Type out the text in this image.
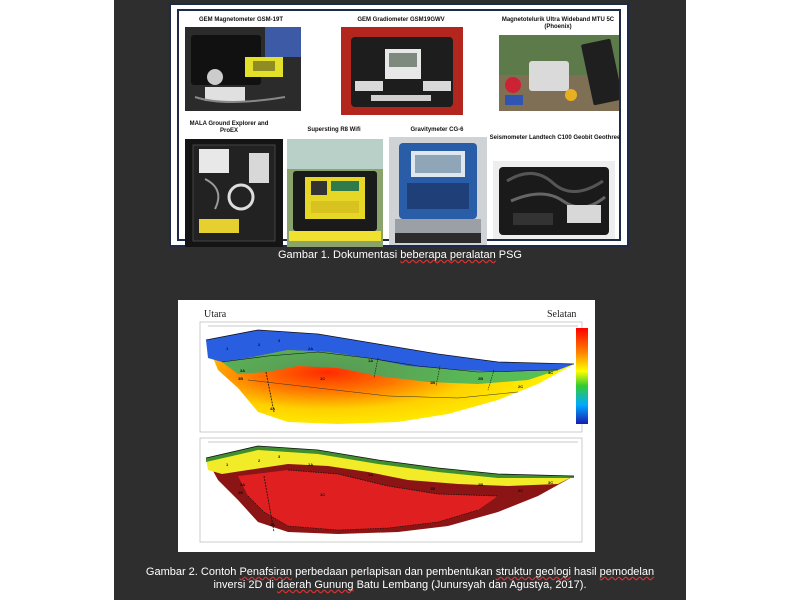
GEM Magnetometer GSM-19T	GEM Gradiometer GSM19GWV	Magnetotelurik Ultra Wideband MTU 5C (Phoenix)
MALA Ground Explorer and ProEX	Supersting R8 Wifi	Gravitymeter CG-6
Seismometer Landtech C100 Geobit Geothree
Gambar 1. Dokumentasi beberapa peralatan PSG
Utara	Selatan
1
2
3
2A
3A
3B
4A
1A
1B
2B
2C
3C
1C
1
2
3
2A
3A
3B
4A
1A
1B
2B
2C
3C
1C
Gambar 2. Contoh Penafsiran perbedaan perlapisan dan pembentukan struktur geologi hasil pemodelan
inversi 2D di daerah Gunung Batu Lembang (Junursyah dan Agustya, 2017).
